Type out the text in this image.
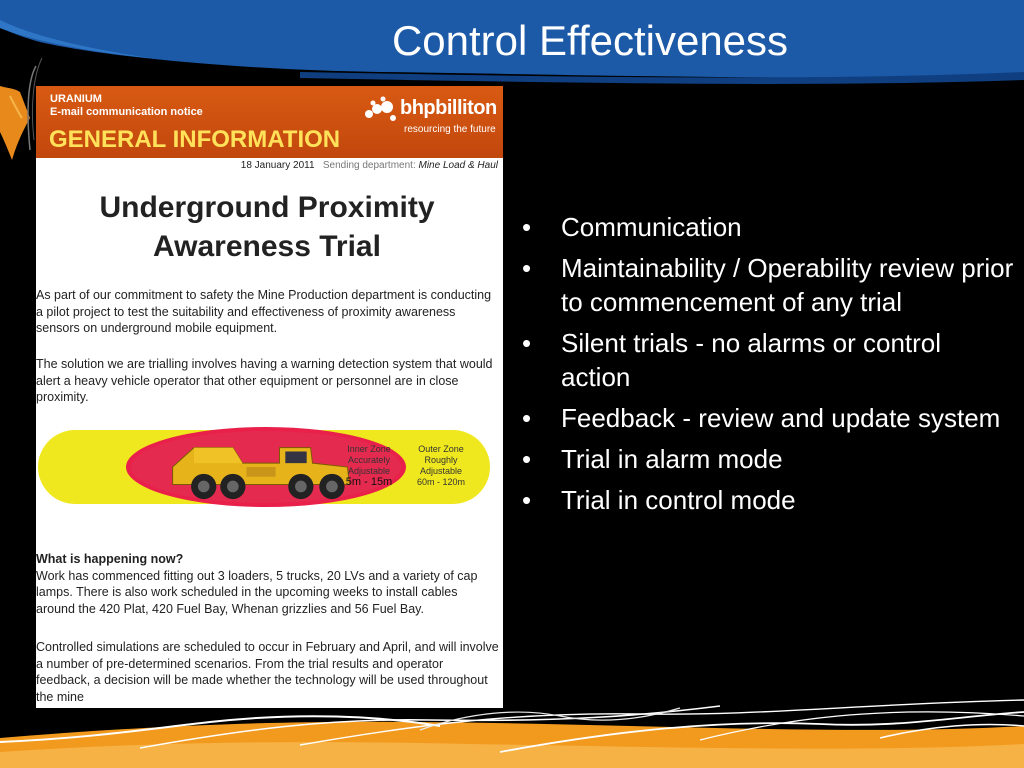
Control Effectiveness
URANIUM
E-mail communication notice
GENERAL INFORMATION
bhpbilliton
resourcing the future
18 January 2011 Sending department: Mine Load & Haul
Underground Proximity
Awareness Trial

As part of our commitment to safety the Mine Production department is conducting a pilot project to test the suitability and effectiveness of proximity awareness sensors on underground mobile equipment.

The solution we are trialling involves having a warning detection system that would alert a heavy vehicle operator that other equipment or personnel are in close proximity.

Inner Zone
Accurately
Adjustable
5m - 15m
Outer Zone
Roughly
Adjustable
60m - 120m
What is happening now?
Work has commenced fitting out 3 loaders, 5 trucks, 20 LVs and a variety of cap lamps. There is also work scheduled in the upcoming weeks to install cables around the 420 Plat, 420 Fuel Bay, Whenan grizzlies and 56 Fuel Bay.

Controlled simulations are scheduled to occur in February and April, and will involve a number of pre-determined scenarios. From the trial results and operator feedback, a decision will be made whether the technology will be used throughout the mine

• Communication
• Maintainability / Operability review prior to commencement of any trial
• Silent trials - no alarms or control action
• Feedback - review and update system
• Trial in alarm mode
• Trial in control mode
